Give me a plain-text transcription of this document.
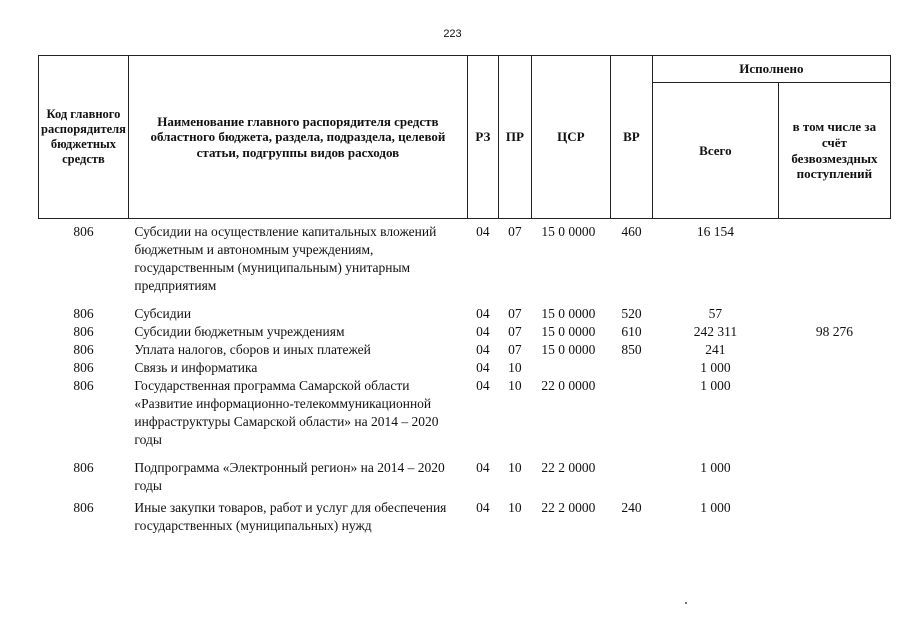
223
Код главного распорядителя бюджетных средств	Наименование главного распорядителя средств областного бюджета, раздела, подраздела, целевой статьи, подгруппы видов расходов	РЗ	ПР	ЦСР	ВР	Исполнено	
						Всего	в том числе за счёт безвозмездных поступлений
806	Субсидии на осуществление капитальных вложений бюджетным и автономным учреждениям, государственным (муниципальным) унитарным предприятиям	04	07	15 0 0000	460	16 154	
806	Субсидии	04	07	15 0 0000	520	57	
806	Субсидии бюджетным учреждениям	04	07	15 0 0000	610	242 311	98 276
806	Уплата налогов, сборов и иных платежей	04	07	15 0 0000	850	241	
806	Связь и информатика	04	10			1 000	
806	Государственная программа Самарской области «Развитие информационно-телекоммуникационной инфраструктуры Самарской области» на 2014 – 2020 годы	04	10	22 0 0000		1 000	
806	Подпрограмма «Электронный регион» на 2014 – 2020 годы	04	10	22 2 0000		1 000	
806	Иные закупки товаров, работ и услуг для обеспечения государственных (муниципальных) нужд	04	10	22 2 0000	240	1 000	
